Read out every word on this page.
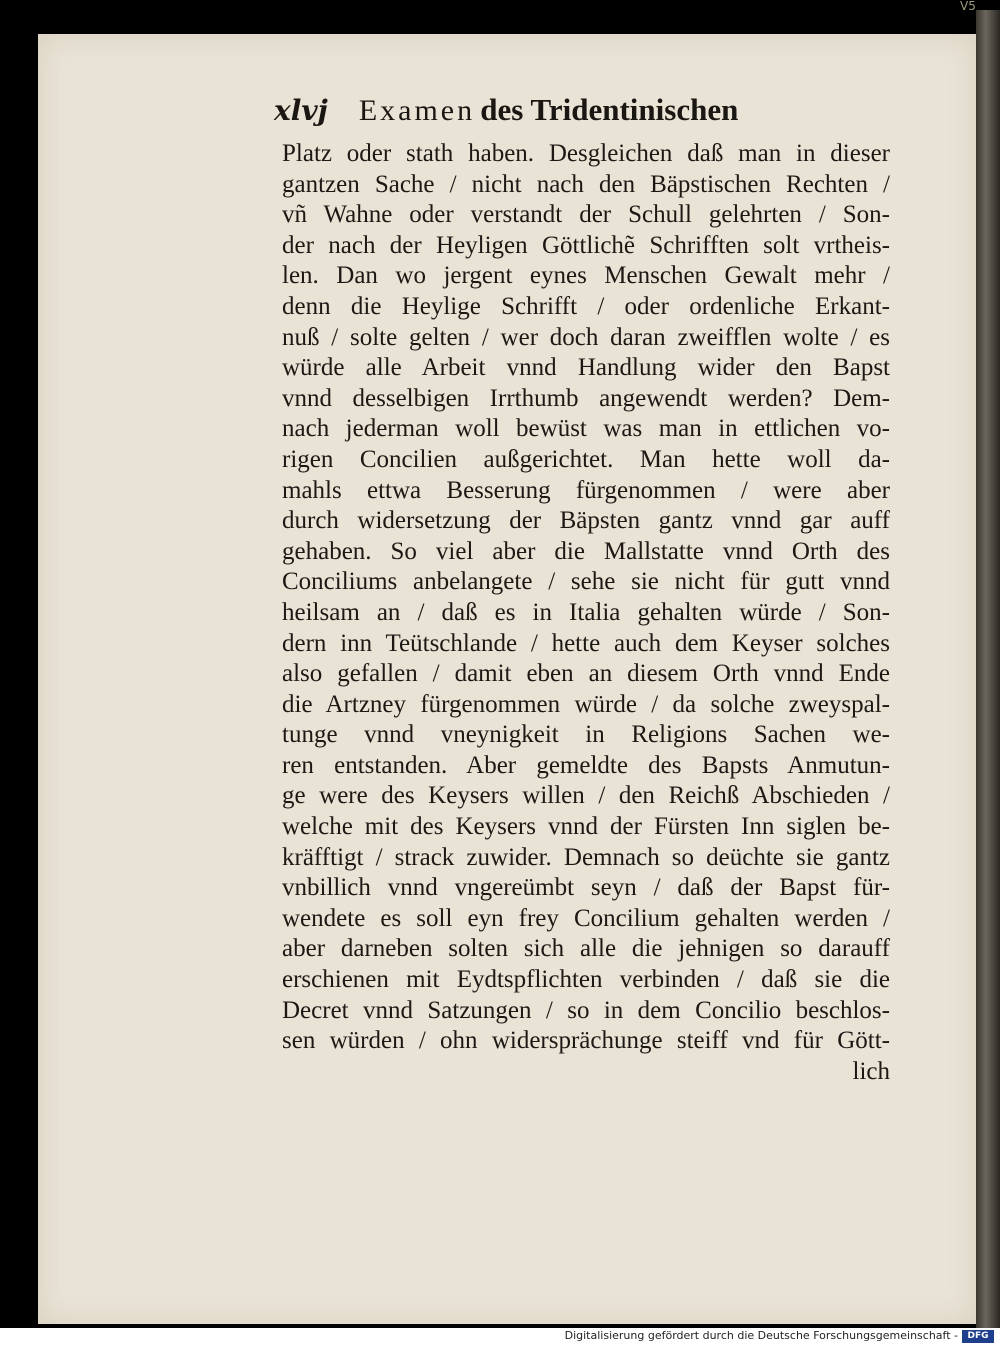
V5
xlvj Examen des Tridentinischen
Platz oder stath haben. Desgleichen daß man in dieser
gantzen Sache / nicht nach den Bäpstischen Rechten /
vñ Wahne oder verstandt der Schull gelehrten / Son-
der nach der Heyligen Göttlichẽ Schrifften solt vrtheis-
len. Dan wo jergent eynes Menschen Gewalt mehr /
denn die Heylige Schrifft / oder ordenliche Erkant-
nuß / solte gelten / wer doch daran zweifflen wolte / es
würde alle Arbeit vnnd Handlung wider den Bapst
vnnd desselbigen Irrthumb angewendt werden? Dem-
nach jederman woll bewüst was man in ettlichen vo-
rigen Concilien außgerichtet. Man hette woll da-
mahls ettwa Besserung fürgenommen / were aber
durch widersetzung der Bäpsten gantz vnnd gar auff
gehaben. So viel aber die Mallstatte vnnd Orth des
Conciliums anbelangete / sehe sie nicht für gutt vnnd
heilsam an / daß es in Italia gehalten würde / Son-
dern inn Teütschlande / hette auch dem Keyser solches
also gefallen / damit eben an diesem Orth vnnd Ende
die Artzney fürgenommen würde / da solche zweyspal-
tunge vnnd vneynigkeit in Religions Sachen we-
ren entstanden. Aber gemeldte des Bapsts Anmutun-
ge were des Keysers willen / den Reichß Abschieden /
welche mit des Keysers vnnd der Fürsten Inn siglen be-
kräfftigt / strack zuwider. Demnach so deüchte sie gantz
vnbillich vnnd vngereümbt seyn / daß der Bapst für-
wendete es soll eyn frey Concilium gehalten werden /
aber darneben solten sich alle die jehnigen so darauff
erschienen mit Eydtspflichten verbinden / daß sie die
Decret vnnd Satzungen / so in dem Concilio beschlos-
sen würden / ohn widersprächunge steiff vnd für Gött-
lich
Digitalisierung gefördert durch die Deutsche Forschungsgemeinschaft -	DFG
